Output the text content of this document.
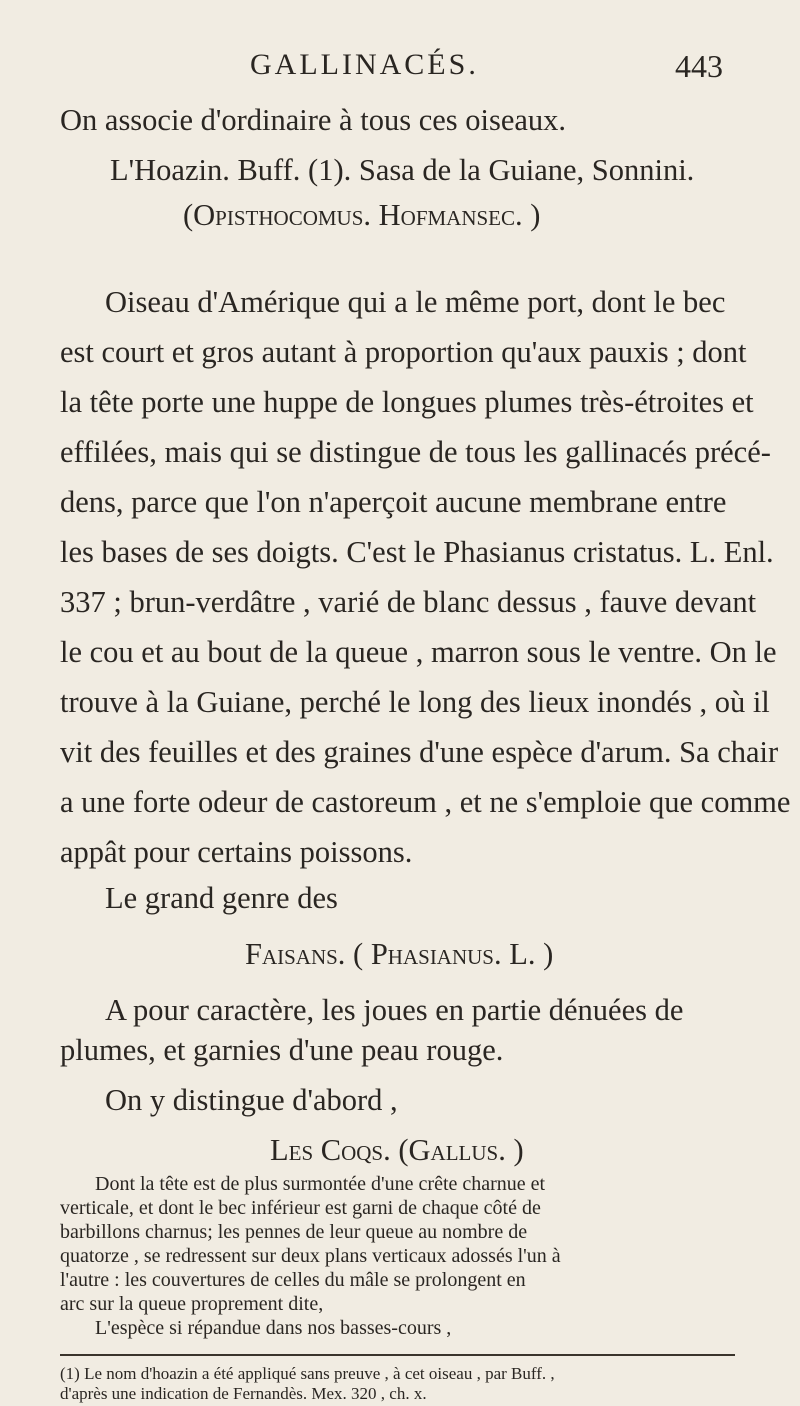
GALLINACÉS.	443
On associe d'ordinaire à tous ces oiseaux.
L'Hoazin. Buff. (1). Sasa de la Guiane, Sonnini.
(Opisthocomus. Hofmansec. )
Oiseau d'Amérique qui a le même port, dont le bec
est court et gros autant à proportion qu'aux pauxis ; dont
la tête porte une huppe de longues plumes très-étroites et
effilées, mais qui se distingue de tous les gallinacés précé-
dens, parce que l'on n'aperçoit aucune membrane entre
les bases de ses doigts. C'est le Phasianus cristatus. L. Enl.
337 ; brun-verdâtre , varié de blanc dessus , fauve devant
le cou et au bout de la queue , marron sous le ventre. On le
trouve à la Guiane, perché le long des lieux inondés , où il
vit des feuilles et des graines d'une espèce d'arum. Sa chair
a une forte odeur de castoreum , et ne s'emploie que comme
appât pour certains poissons.
Le grand genre des
Faisans. ( Phasianus. L. )
A pour caractère, les joues en partie dénuées de
plumes, et garnies d'une peau rouge.
On y distingue d'abord ,
Les Coqs. (Gallus. )
Dont la tête est de plus surmontée d'une crête charnue et
verticale, et dont le bec inférieur est garni de chaque côté de
barbillons charnus; les pennes de leur queue au nombre de
quatorze , se redressent sur deux plans verticaux adossés l'un à
l'autre : les couvertures de celles du mâle se prolongent en
arc sur la queue proprement dite,
L'espèce si répandue dans nos basses-cours ,
(1) Le nom d'hoazin a été appliqué sans preuve , à cet oiseau , par Buff. ,
d'après une indication de Fernandès. Mex. 320 , ch. x.
